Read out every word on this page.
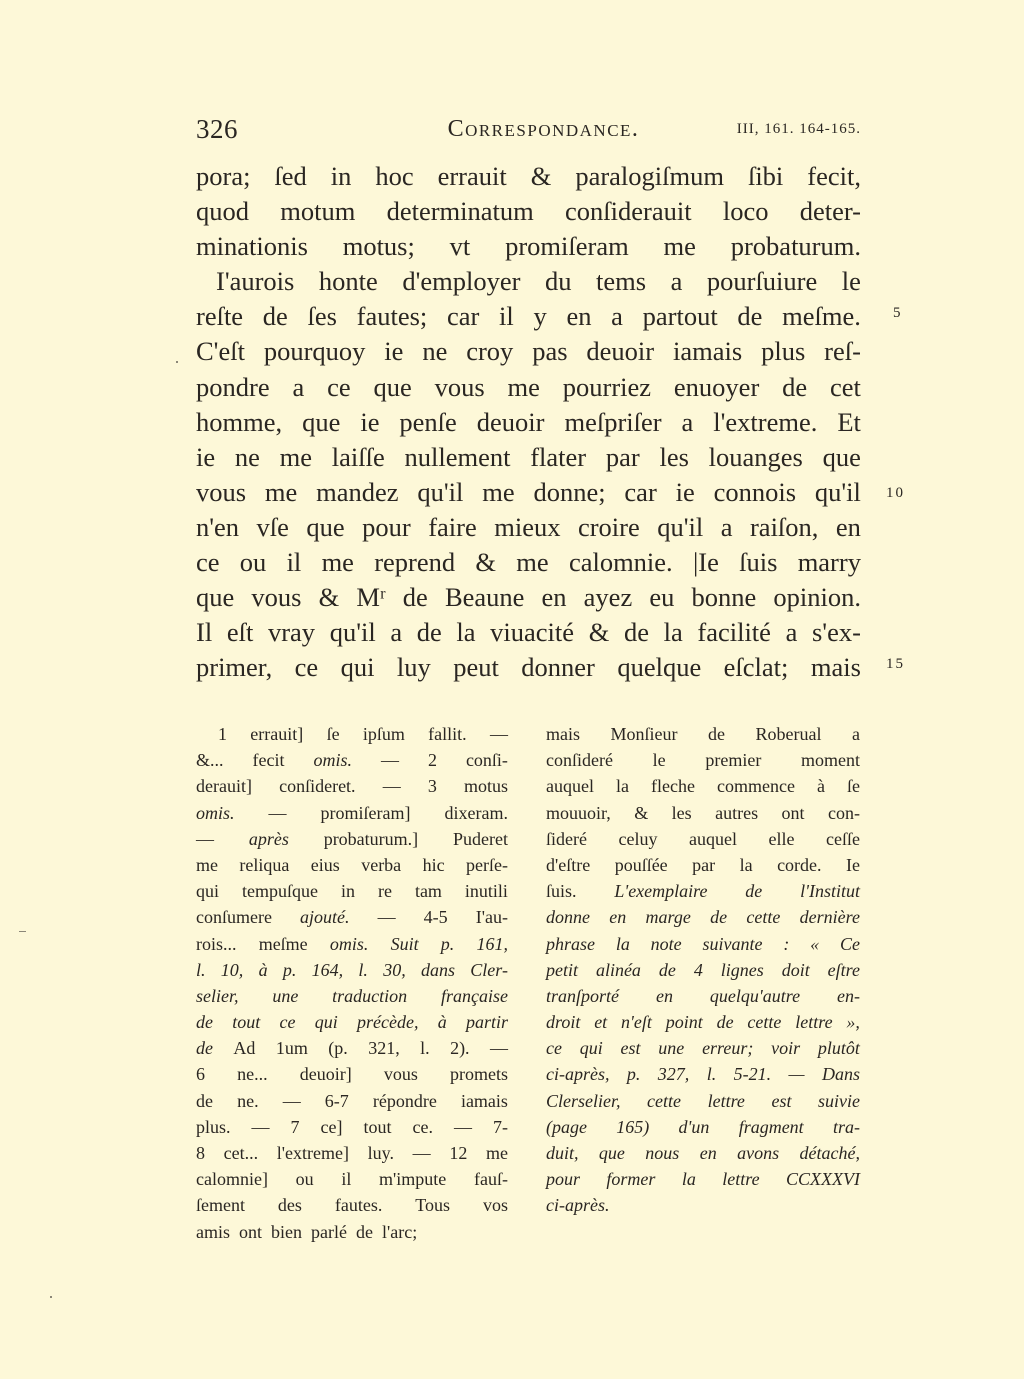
326	Correspondance.	III, 161. 164-165.
pora; ſed in hoc errauit & paralogiſmum ſibi fecit,
quod motum determinatum conſiderauit loco deter-
minationis motus; vt promiſeram me probaturum.
I'aurois honte d'employer du tems a pourſuiure le
reſte de ſes fautes; car il y en a partout de meſme.
C'eſt pourquoy ie ne croy pas deuoir iamais plus reſ-
pondre a ce que vous me pourriez enuoyer de cet
homme, que ie penſe deuoir meſpriſer a l'extreme. Et
ie ne me laiſſe nullement flater par les louanges que
vous me mandez qu'il me donne; car ie connois qu'il
n'en vſe que pour faire mieux croire qu'il a raiſon, en
ce ou il me reprend & me calomnie. |Ie ſuis marry
que vous & Mʳ de Beaune en ayez eu bonne opinion.
Il eſt vray qu'il a de la viuacité & de la facilité a s'ex-
primer, ce qui luy peut donner quelque eſclat; mais
5
10
15
1 errauit] ſe ipſum fallit. —
&... fecit omis. — 2 conſi-
derauit] conſideret. — 3 motus
omis. — promiſeram] dixeram.
— après probaturum.] Puderet
me reliqua eius verba hic perſe-
qui tempuſque in re tam inutili
conſumere ajouté. — 4-5 I'au-
rois... meſme omis. Suit p. 161,
l. 10, à p. 164, l. 30, dans Cler-
selier, une traduction française
de tout ce qui précède, à partir
de Ad 1um (p. 321, l. 2). —
6 ne... deuoir] vous promets
de ne. — 6-7 répondre iamais
plus. — 7 ce] tout ce. — 7-
8 cet... l'extreme] luy. — 12 me
calomnie] ou il m'impute fauſ-
ſement des fautes. Tous vos
amis ont bien parlé de l'arc;
mais Monſieur de Roberual a
conſideré le premier moment
auquel la fleche commence à ſe
mouuoir, & les autres ont con-
ſideré celuy auquel elle ceſſe
d'eſtre pouſſée par la corde. Ie
ſuis. L'exemplaire de l'Institut
donne en marge de cette dernière
phrase la note suivante : « Ce
petit alinéa de 4 lignes doit eſtre
tranſporté en quelqu'autre en-
droit et n'eſt point de cette lettre »,
ce qui est une erreur; voir plutôt
ci-après, p. 327, l. 5-21. — Dans
Clerselier, cette lettre est suivie
(page 165) d'un fragment tra-
duit, que nous en avons détaché,
pour former la lettre CCXXXVI
ci-après.
